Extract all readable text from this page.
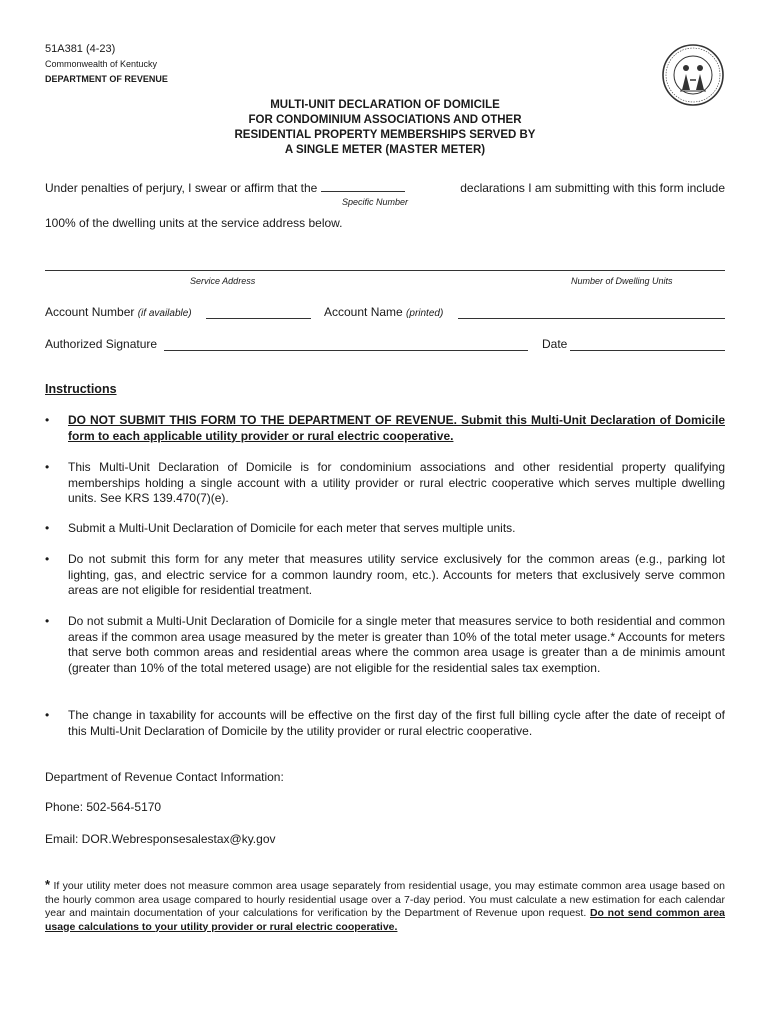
51A381 (4-23)
Commonwealth of Kentucky
DEPARTMENT OF REVENUE
MULTI-UNIT DECLARATION OF DOMICILE
FOR CONDOMINIUM ASSOCIATIONS AND OTHER
RESIDENTIAL PROPERTY MEMBERSHIPS SERVED BY
A SINGLE METER (MASTER METER)
Under penalties of perjury, I swear or affirm that the	declarations I am submitting with this form include
Specific Number
100% of the dwelling units at the service address below.
Service Address	Number of Dwelling Units
Account Number (if available)	Account Name (printed)
Authorized Signature	Date
Instructions
• DO NOT SUBMIT THIS FORM TO THE DEPARTMENT OF REVENUE. Submit this Multi-Unit Declaration of Domicile form to each applicable utility provider or rural electric cooperative.
• This Multi-Unit Declaration of Domicile is for condominium associations and other residential property qualifying memberships holding a single account with a utility provider or rural electric cooperative which serves multiple dwelling units. See KRS 139.470(7)(e).
• Submit a Multi-Unit Declaration of Domicile for each meter that serves multiple units.
• Do not submit this form for any meter that measures utility service exclusively for the common areas (e.g., parking lot lighting, gas, and electric service for a common laundry room, etc.). Accounts for meters that exclusively serve common areas are not eligible for residential treatment.
• Do not submit a Multi-Unit Declaration of Domicile for a single meter that measures service to both residential and common areas if the common area usage measured by the meter is greater than 10% of the total meter usage.* Accounts for meters that serve both common areas and residential areas where the common area usage is greater than a de minimis amount (greater than 10% of the total metered usage) are not eligible for the residential sales tax exemption.
• The change in taxability for accounts will be effective on the first day of the first full billing cycle after the date of receipt of this Multi-Unit Declaration of Domicile by the utility provider or rural electric cooperative.
Department of Revenue Contact Information:
Phone: 502-564-5170
Email: DOR.Webresponsesalestax@ky.gov
* If your utility meter does not measure common area usage separately from residential usage, you may estimate common area usage based on the hourly common area usage compared to hourly residential usage over a 7-day period. You must calculate a new estimation for each calendar year and maintain documentation of your calculations for verification by the Department of Revenue upon request. Do not send common area usage calculations to your utility provider or rural electric cooperative.
